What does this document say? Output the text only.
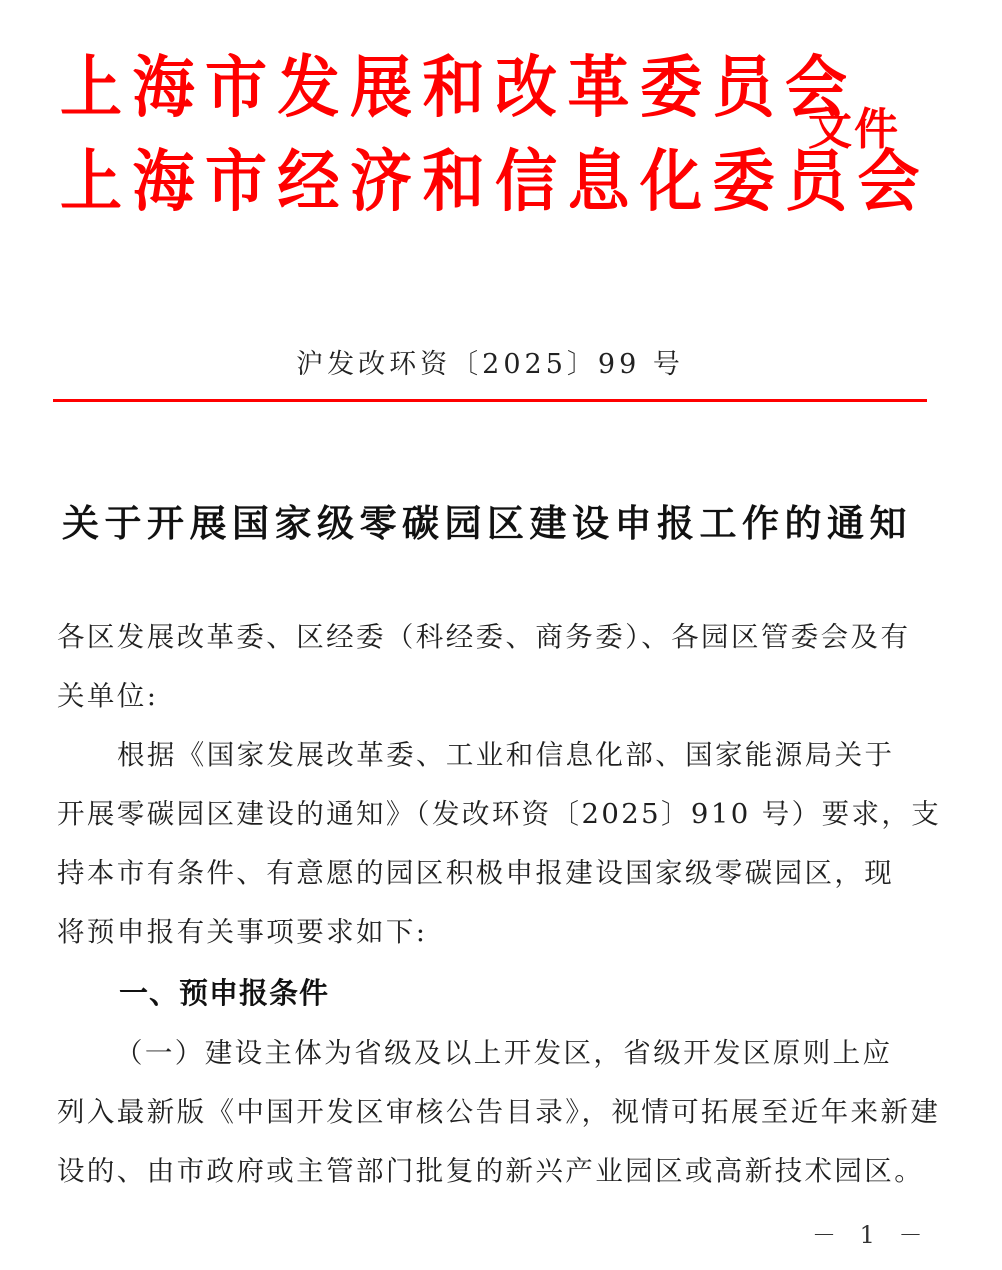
上海市发展和改革委员会
上海市经济和信息化委员会
文件
沪发改环资〔2025〕99 号
关于开展国家级零碳园区建设申报工作的通知
各区发展改革委、区经委（科经委、商务委）、各园区管委会及有
关单位:
根据《国家发展改革委、工业和信息化部、国家能源局关于
开展零碳园区建设的通知》（发改环资〔2025〕910 号）要求，支
持本市有条件、有意愿的园区积极申报建设国家级零碳园区，现
将预申报有关事项要求如下:
一、预申报条件
（一）建设主体为省级及以上开发区，省级开发区原则上应
列入最新版《中国开发区审核公告目录》，视情可拓展至近年来新建
设的、由市政府或主管部门批复的新兴产业园区或高新技术园区。
－ 1 －
